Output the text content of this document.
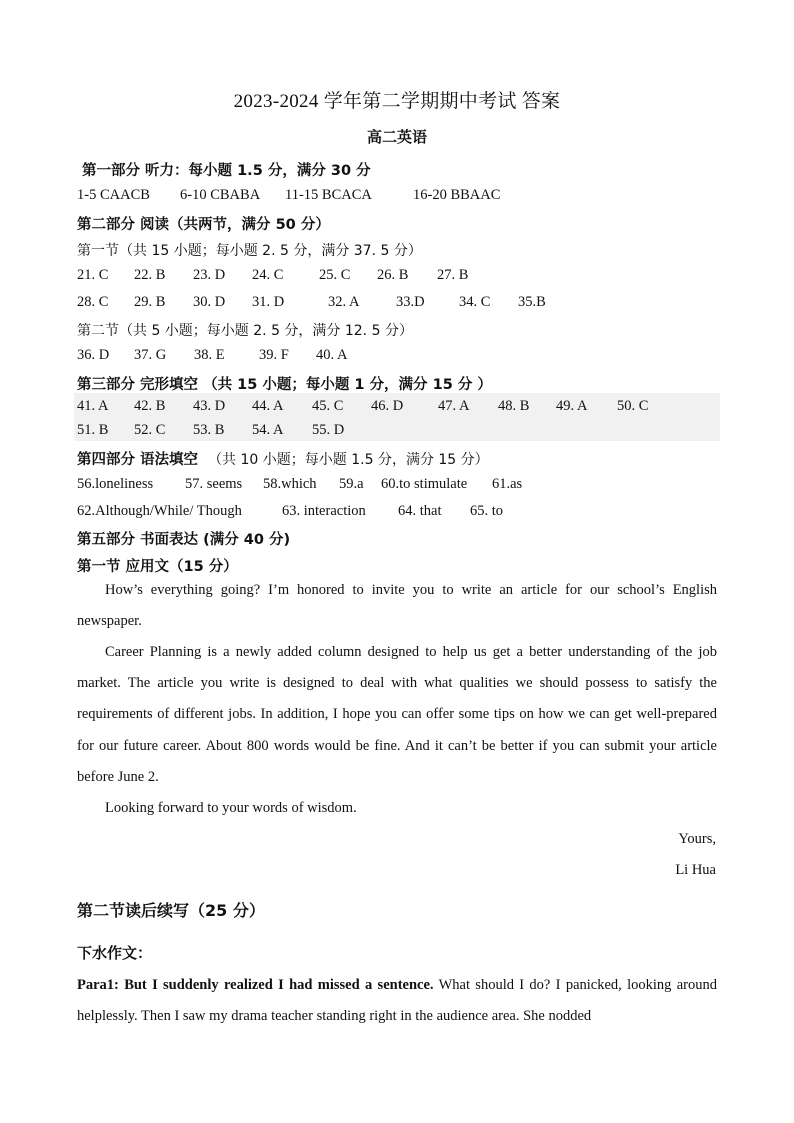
2023-2024 学年第二学期期中考试 答案
高二英语
第一部分 听力：每小题 1.5 分，满分 30 分
1-5 CAACB 6-10 CBABA 11-15 BCACA	16-20 BBAAC
第二部分 阅读（共两节，满分 50 分）
第一节（共 15 小题；每小题 2. 5 分，满分 37. 5 分）
21. C 22. B 23. D 24. C 25. C 26. B 27. B
28. C 29. B 30. D 31. D	32. A	33.D 34. C 35.B
第二节（共 5 小题；每小题 2. 5 分，满分 12. 5 分）
36. D 37. G 38. E 39. F 40. A
第三部分 完形填空 （共 15 小题；每小题 1 分，满分 15 分 ）
41. A 42. B 43. D 44. A 45. C 46. D 47. A 48. B 49. A 50. C
51. B 52. C 53. B 54. A 55. D
第四部分 语法填空 （共 10 小题；每小题 1.5 分，满分 15 分）
56.loneliness 57. seems 58.which 59.a 60.to stimulate 61.as
62.Although/While/ Though	63. interaction 64. that 65. to
第五部分 书面表达 (满分 40 分)
第一节 应用文（15 分）
How’s everything going? I’m honored to invite you to write an article for our school’s English newspaper.
Career Planning is a newly added column designed to help us get a better understanding of the job market. The article you write is designed to deal with what qualities we should possess to satisfy the requirements of different jobs. In addition, I hope you can offer some tips on how we can get well-prepared for our future career. About 800 words would be fine. And it can’t be better if you can submit your article before June 2.
Looking forward to your words of wisdom.
Yours,
Li Hua
第二节读后续写（25 分）
下水作文：
Para1: But I suddenly realized I had missed a sentence. What should I do? I panicked, looking around helplessly. Then I saw my drama teacher standing right in the audience area. She nodded
